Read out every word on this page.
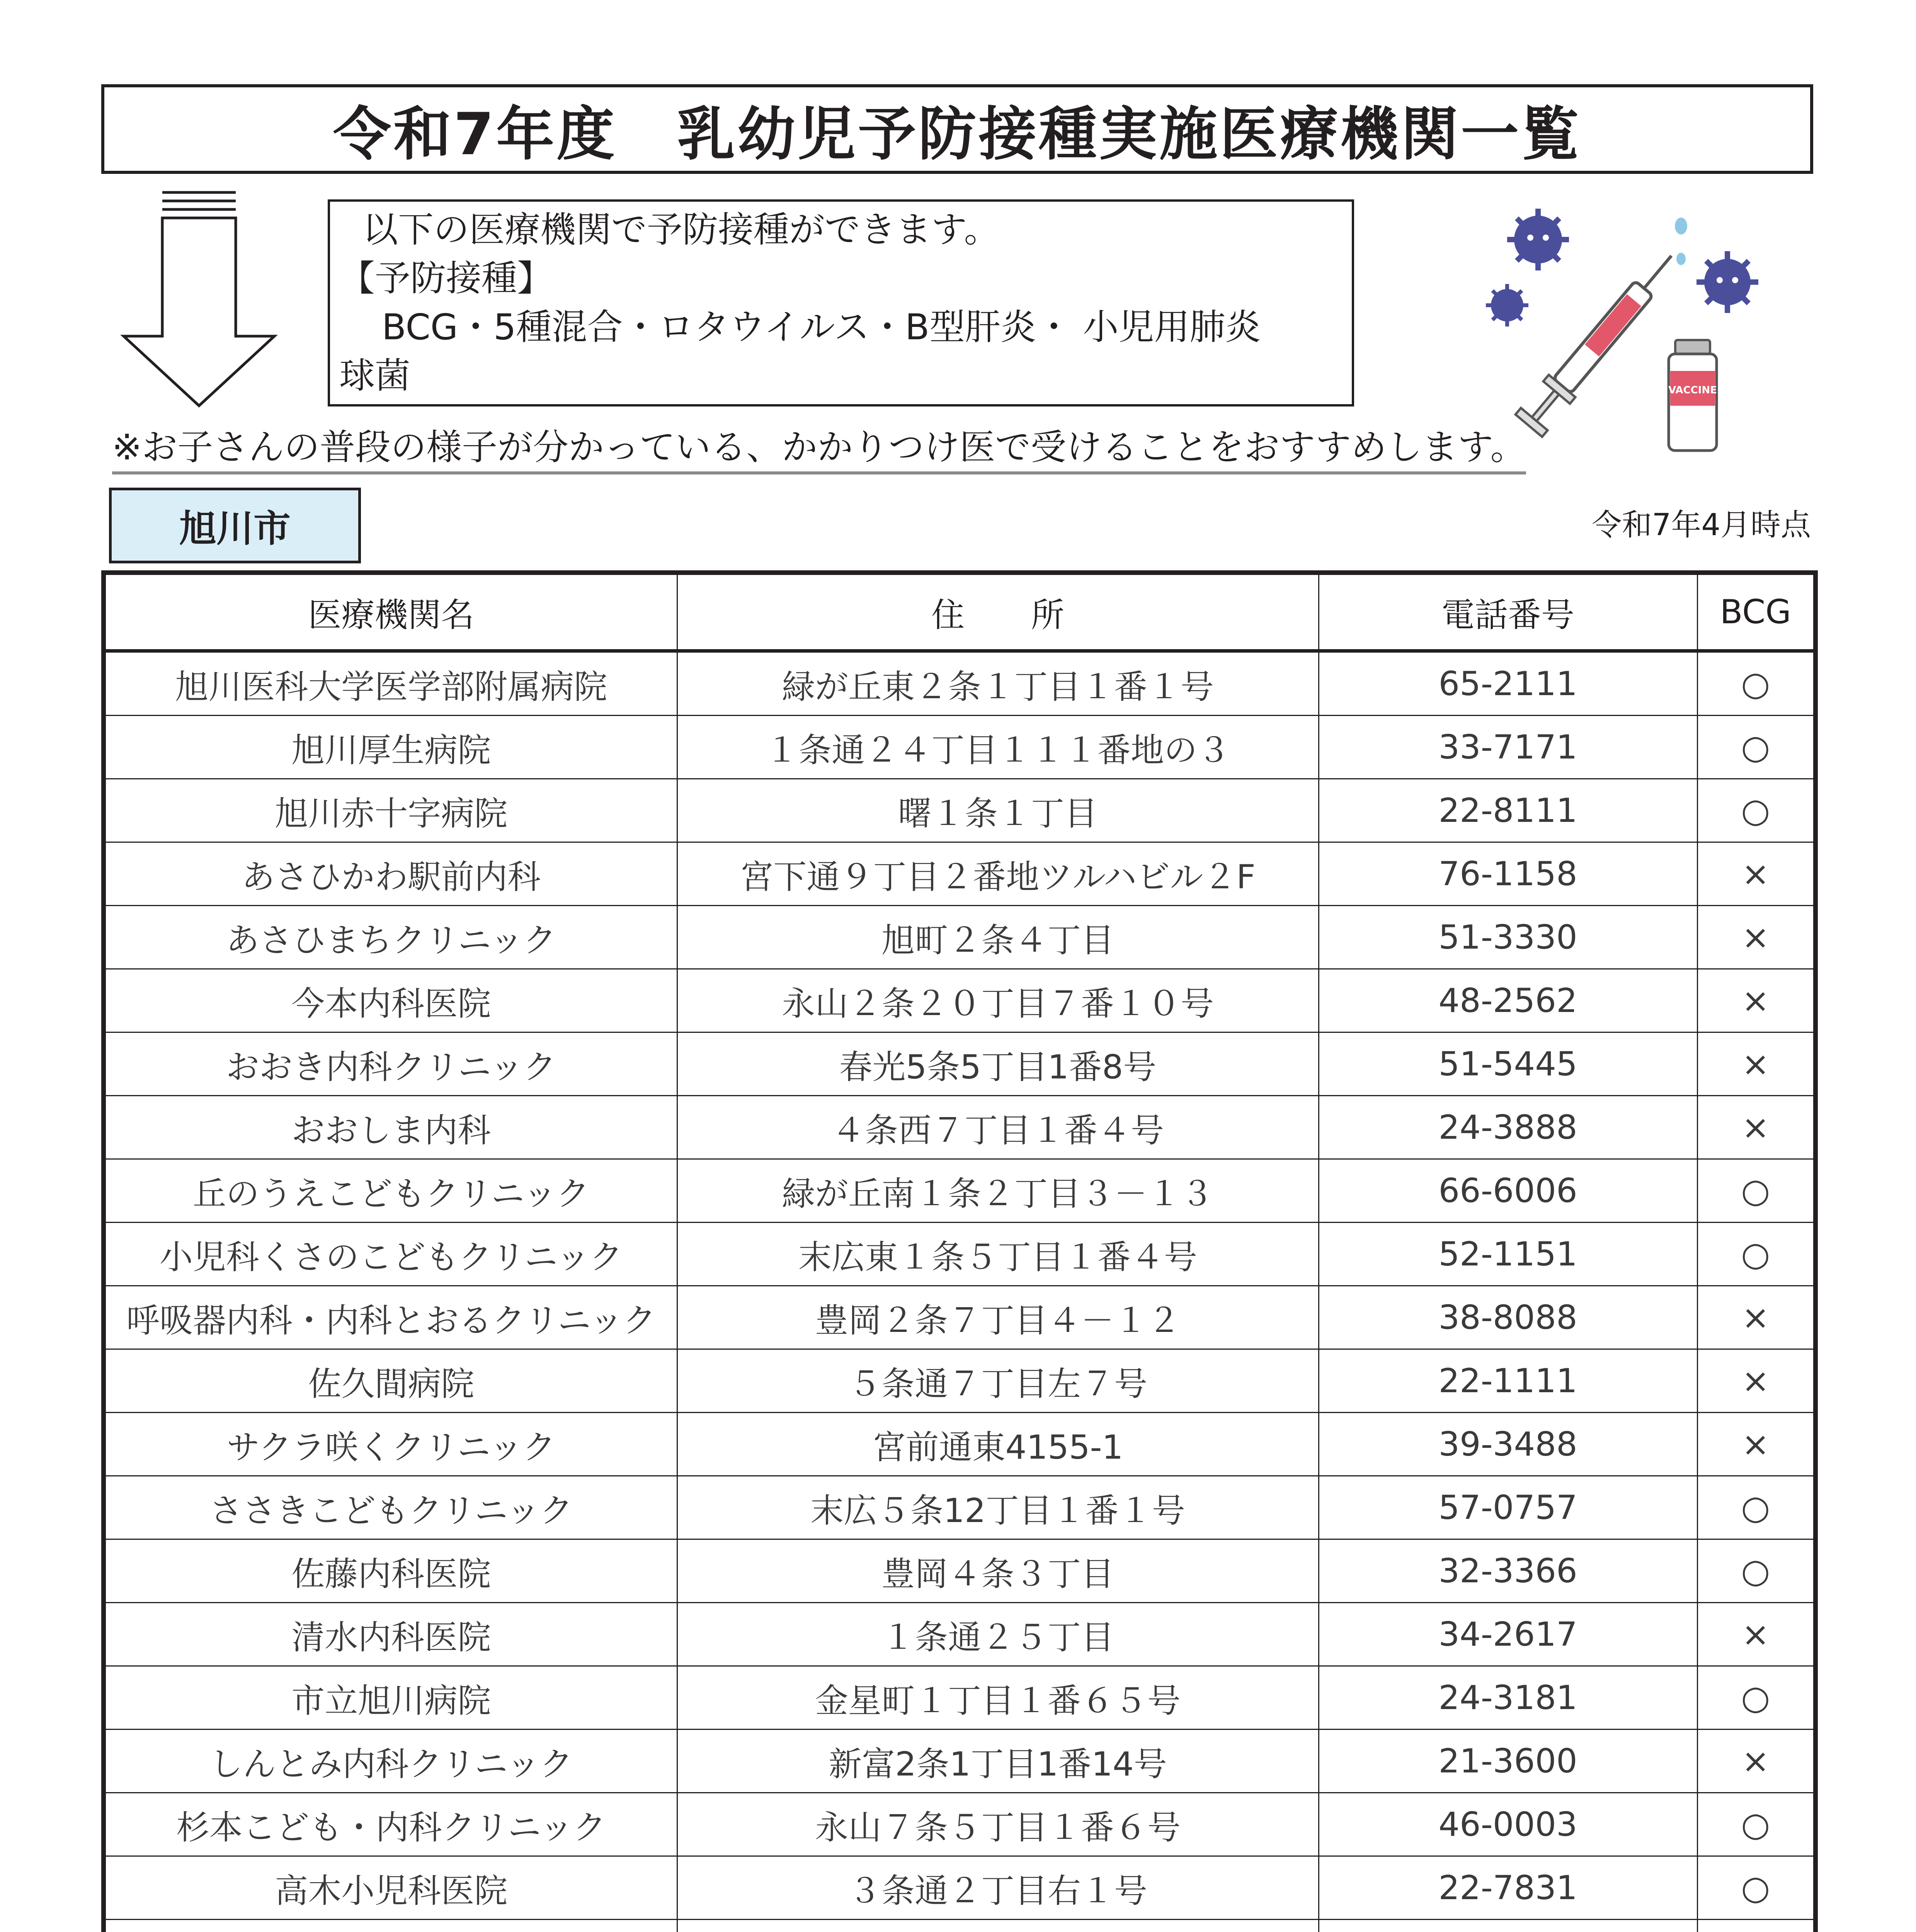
令和7年度　乳幼児予防接種実施医療機関一覧
以下の医療機関で予防接種ができます。
【予防接種】
BCG・5種混合・ロタウイルス・B型肝炎・ 小児用肺炎
球菌
※お子さんの普段の様子が分かっている、かかりつけ医で受けることをおすすめします。
VACCINE
旭川市	令和7年4月時点
医療機関名	住　　所	電話番号	BCG
旭川医科大学医学部附属病院	緑が丘東２条１丁目１番１号	65-2111	○
旭川厚生病院	１条通２４丁目１１１番地の３	33-7171	○
旭川赤十字病院	曙１条１丁目	22-8111	○
あさひかわ駅前内科	宮下通９丁目２番地ツルハビル２F	76-1158	×
あさひまちクリニック	旭町２条４丁目	51-3330	×
今本内科医院	永山２条２０丁目７番１０号	48-2562	×
おおき内科クリニック	春光5条5丁目1番8号	51-5445	×
おおしま内科	４条西７丁目１番４号	24-3888	×
丘のうえこどもクリニック	緑が丘南１条２丁目３－１３	66-6006	○
小児科くさのこどもクリニック	末広東１条５丁目１番４号	52-1151	○
呼吸器内科・内科とおるクリニック	豊岡２条７丁目４－１２	38-8088	×
佐久間病院	５条通７丁目左７号	22-1111	×
サクラ咲くクリニック	宮前通東4155-1	39-3488	×
ささきこどもクリニック	末広５条12丁目１番１号	57-0757	○
佐藤内科医院	豊岡４条３丁目	32-3366	○
清水内科医院	１条通２５丁目	34-2617	×
市立旭川病院	金星町１丁目１番６５号	24-3181	○
しんとみ内科クリニック	新富2条1丁目1番14号	21-3600	×
杉本こども・内科クリニック	永山７条５丁目１番６号	46-0003	○
高木小児科医院	３条通２丁目右１号	22-7831	○
